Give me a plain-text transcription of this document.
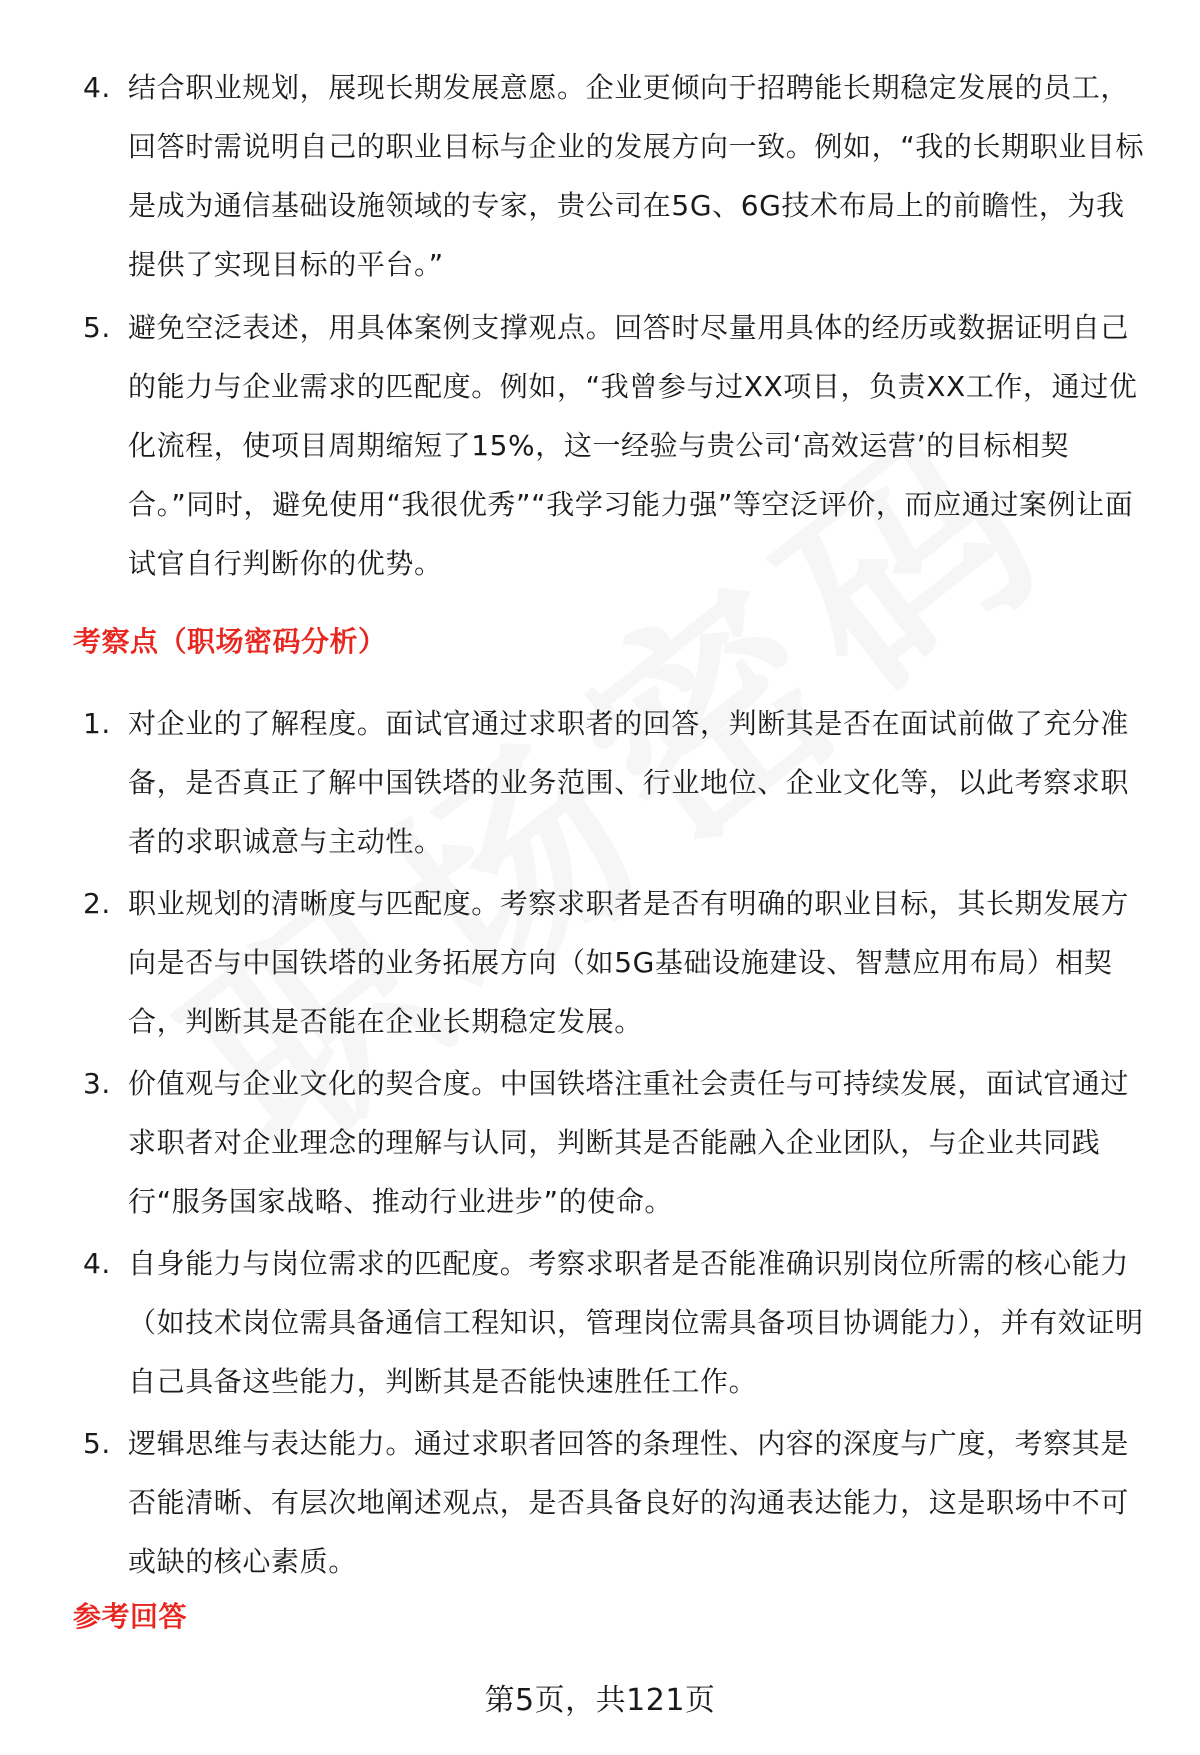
4. 结合职业规划，展现长期发展意愿。企业更倾向于招聘能长期稳定发展的员工，回答时需说明自己的职业目标与企业的发展方向一致。例如，“我的长期职业目标是成为通信基础设施领域的专家，贵公司在5G、6G技术布局上的前瞻性，为我提供了实现目标的平台。”
5. 避免空泛表述，用具体案例支撑观点。回答时尽量用具体的经历或数据证明自己的能力与企业需求的匹配度。例如，“我曾参与过XX项目，负责XX工作，通过优化流程，使项目周期缩短了15%，这一经验与贵公司‘高效运营’的目标相契合。”同时，避免使用“我很优秀”“我学习能力强”等空泛评价，而应通过案例让面试官自行判断你的优势。
考察点（职场密码分析）
1. 对企业的了解程度。面试官通过求职者的回答，判断其是否在面试前做了充分准备，是否真正了解中国铁塔的业务范围、行业地位、企业文化等，以此考察求职者的求职诚意与主动性。
2. 职业规划的清晰度与匹配度。考察求职者是否有明确的职业目标，其长期发展方向是否与中国铁塔的业务拓展方向（如5G基础设施建设、智慧应用布局）相契合，判断其是否能在企业长期稳定发展。
3. 价值观与企业文化的契合度。中国铁塔注重社会责任与可持续发展，面试官通过求职者对企业理念的理解与认同，判断其是否能融入企业团队，与企业共同践行“服务国家战略、推动行业进步”的使命。
4. 自身能力与岗位需求的匹配度。考察求职者是否能准确识别岗位所需的核心能力（如技术岗位需具备通信工程知识，管理岗位需具备项目协调能力），并有效证明自己具备这些能力，判断其是否能快速胜任工作。
5. 逻辑思维与表达能力。通过求职者回答的条理性、内容的深度与广度，考察其是否能清晰、有层次地阐述观点，是否具备良好的沟通表达能力，这是职场中不可或缺的核心素质。
参考回答
第5页，共121页
